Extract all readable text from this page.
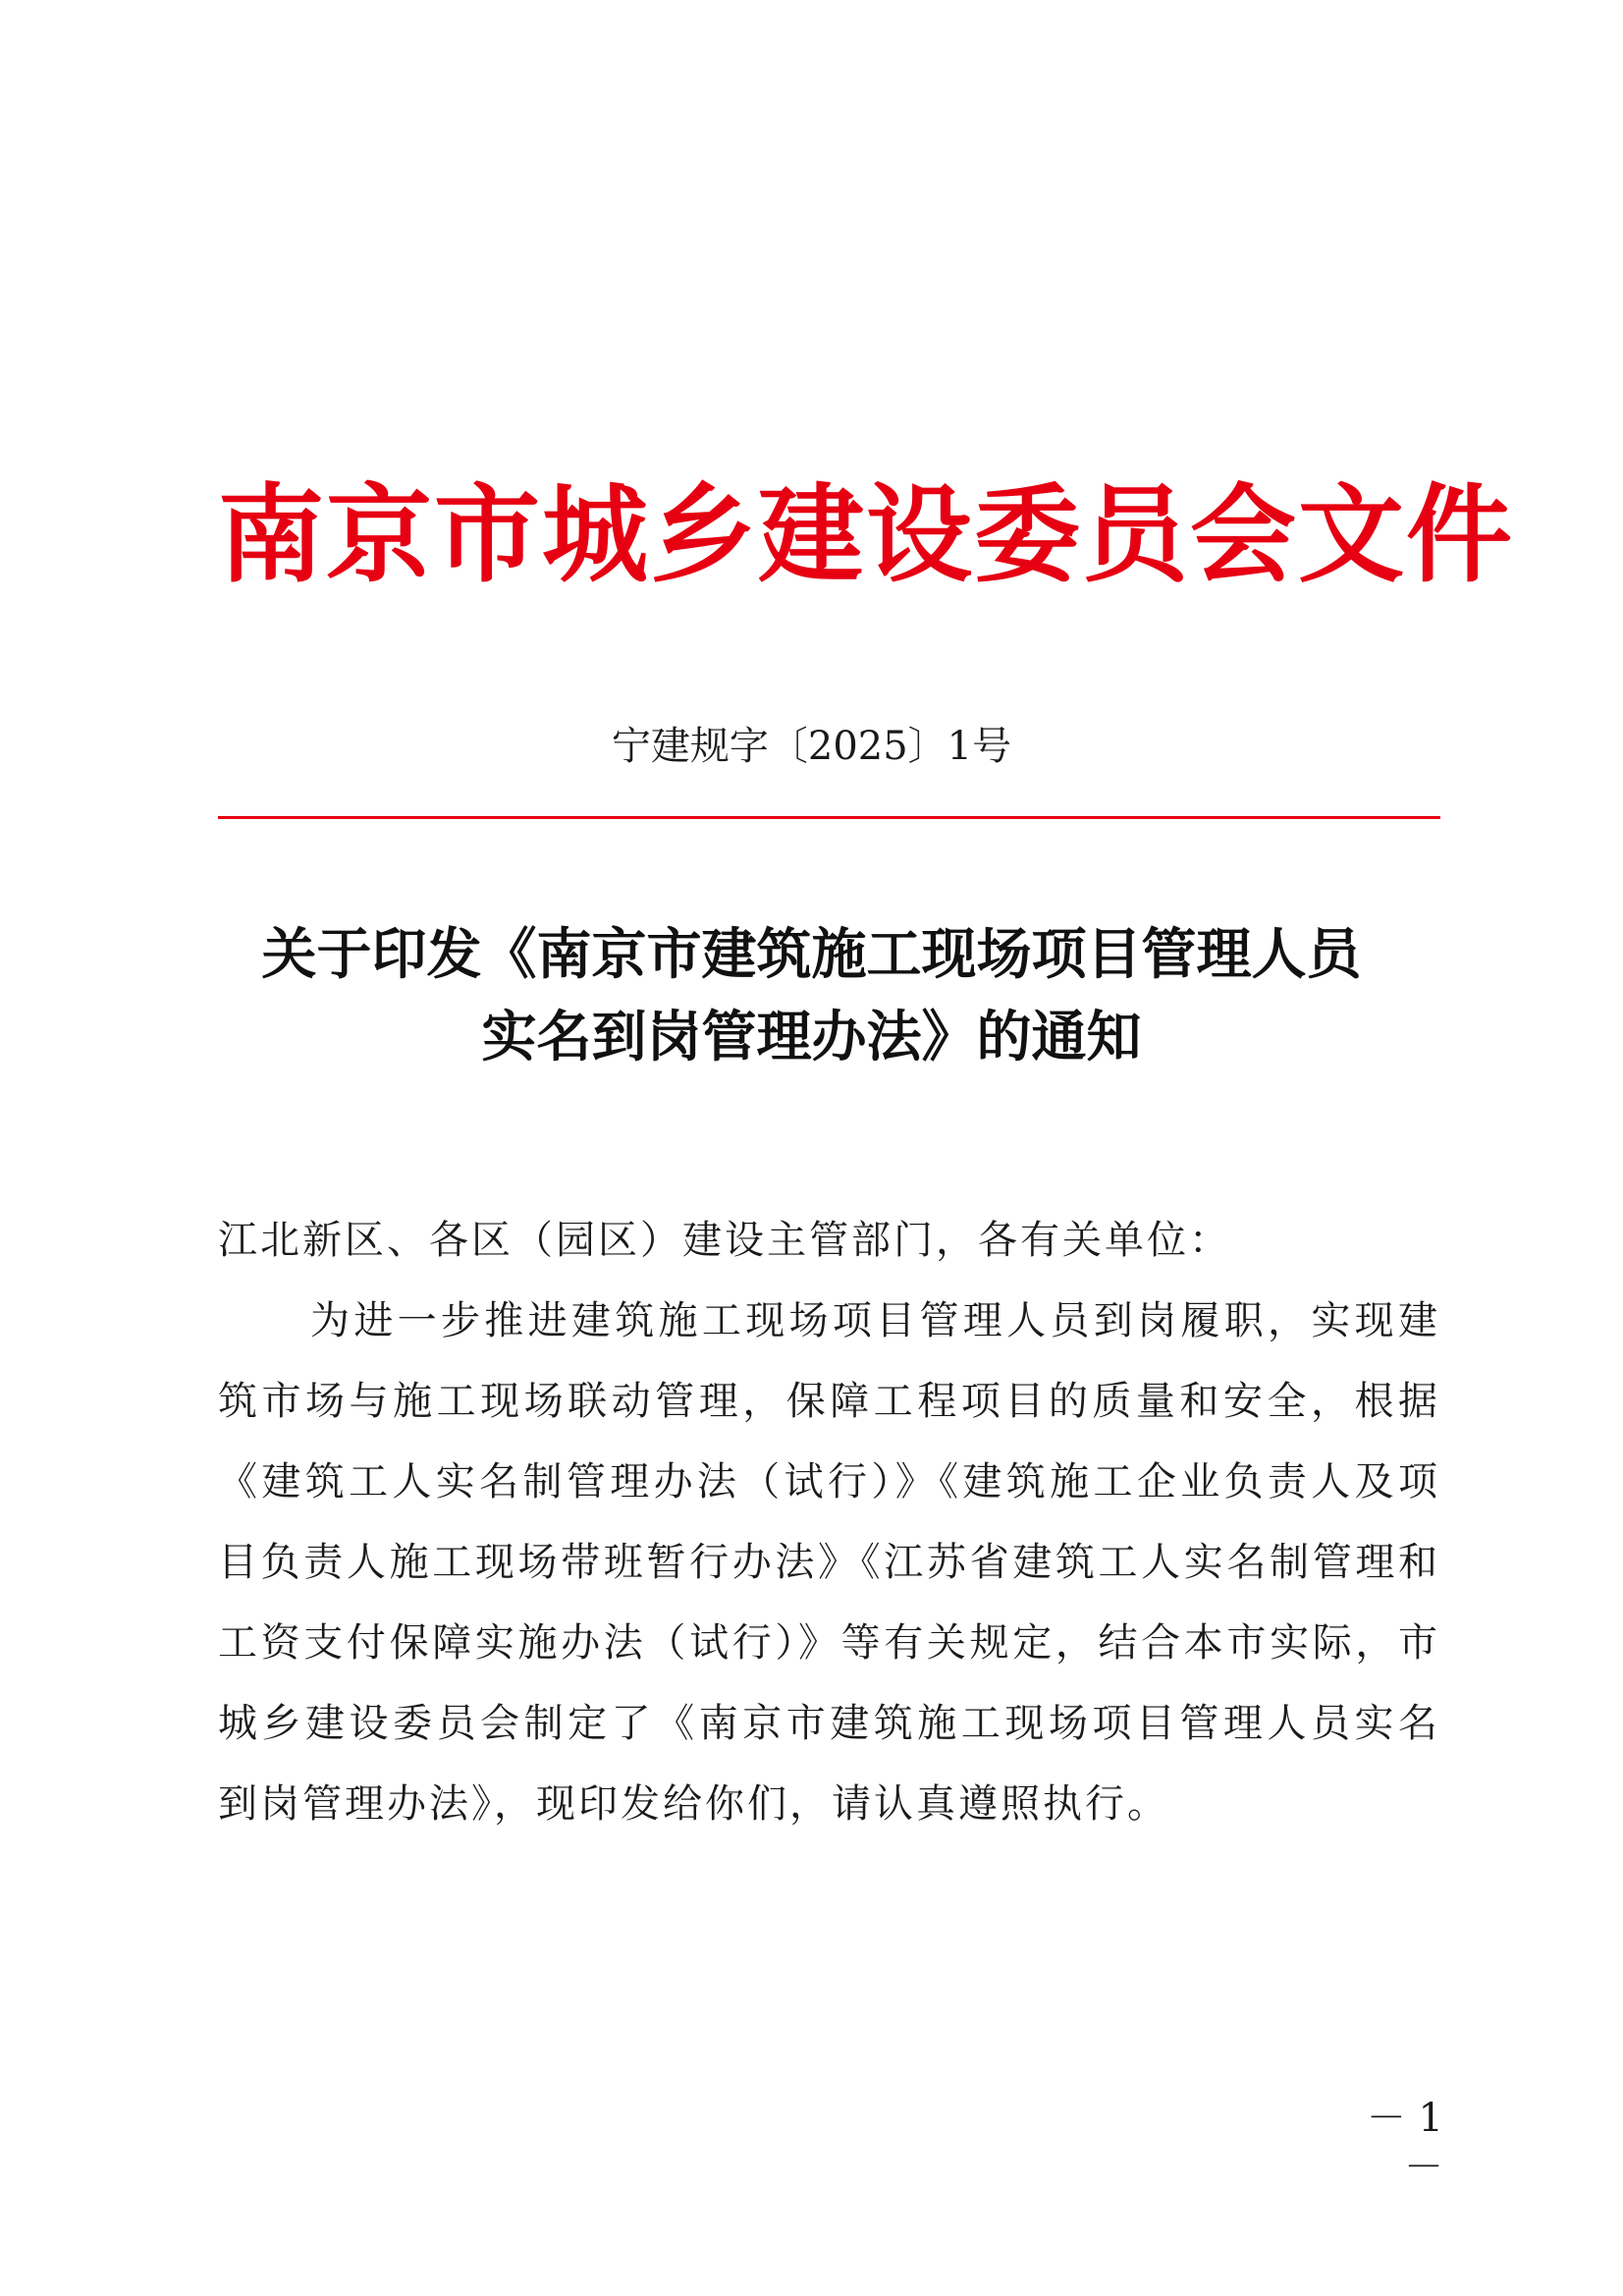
南京市城乡建设委员会文件
宁建规字〔2025〕1号
关于印发《南京市建筑施工现场项目管理人员
实名到岗管理办法》的通知

江北新区、各区（园区）建设主管部门，各有关单位：

为进一步推进建筑施工现场项目管理人员到岗履职，实现建筑市场与施工现场联动管理，保障工程项目的质量和安全，根据《建筑工人实名制管理办法（试行）》《建筑施工企业负责人及项目负责人施工现场带班暂行办法》《江苏省建筑工人实名制管理和工资支付保障实施办法（试行）》等有关规定，结合本市实际，市城乡建设委员会制定了《南京市建筑施工现场项目管理人员实名到岗管理办法》，现印发给你们，请认真遵照执行。

－ 1 －
